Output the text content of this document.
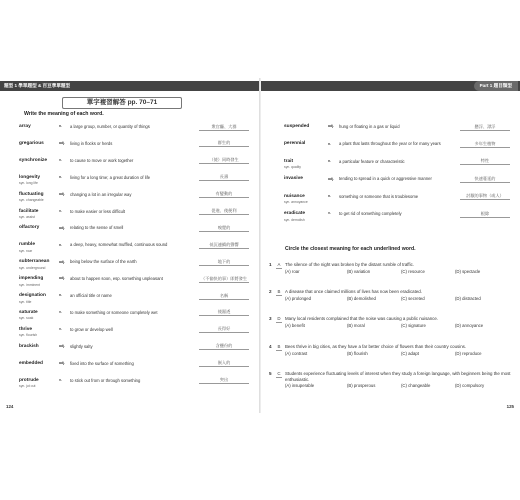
題型 1 學單題型 & 百豆學單題型
單字複習解答 pp. 70–71
Write the meaning of each word.
array	n. a large group, number, or quantity of things	衆官廳、大群
gregarious	adj. living in flocks or herds	群生的
synchronize	v. to cause to move or work together	（使）同時發生
longevity
syn. long life
n. living for a long time; a great duration of life	長壽
fluctuating
syn. changeable
adj. changing a lot in an irregular way	有變動的
facilitate
syn. assist
v. to make easier or less difficult	促進、使便利
olfactory	adj. relating to the sense of smell	嗅覺的
rumble
syn. roar
n. a deep, heavy, somewhat muffled, continuous sound	低沉連續的聲響
subterranean
syn. underground
adj. being below the surface of the earth	地下的
impending
syn. imminent
adj. about to happen soon, esp. something unpleasant	（不愉快的事）即將發生
designation
syn. title
n. an official title or name	名稱
saturate
syn. soak
v. to make something or someone completely wet	使濕透
thrive
syn. flourish
v. to grow or develop well	長得好
brackish	adj. slightly salty	含鹽份的
embedded	adj. fixed into the surface of something	嵌入的
protrude
syn. jut out
v. to stick out from or through something	突出
124
Part 1 題目類型
suspended	adj. hung or floating in a gas or liquid	懸浮、漂浮
perennial	n. a plant that lasts throughout the year or for many years	多年生植物
trait
syn. quality
n. a particular feature or characteristic	特性
invasive	adj. tending to spread in a quick or aggressive manner	快速蔓延的
nuisance
syn. annoyance
n. something or someone that is troublesome	討厭的事物（或人）
eradicate
syn. demolish
v. to get rid of something completely	根除
Circle the closest meaning for each underlined word.
1	A	The silence of the night was broken by the distant rumble of traffic.
(A) roar	(B) variation	(C) resource	(D) spectacle
2	B	A disease that once claimed millions of lives has now been eradicated.
(A) prolonged	(B) demolished	(C) secreted	(D) distracted
3	D	Many local residents complained that the noise was causing a public nuisance.
(A) benefit	(B) moral	(C) signature	(D) annoyance
4	B	Bees thrive in big cities, as they have a far better choice of flowers than their country cousins.
(A) contrast	(B) flourish	(C) adapt	(D) reproduce
5	C	Students experience fluctuating levels of interest when they study a foreign language, with beginners being the most enthusiastic.
(A) insuperable	(B) prosperous	(C) changeable	(D) compulsory
125
